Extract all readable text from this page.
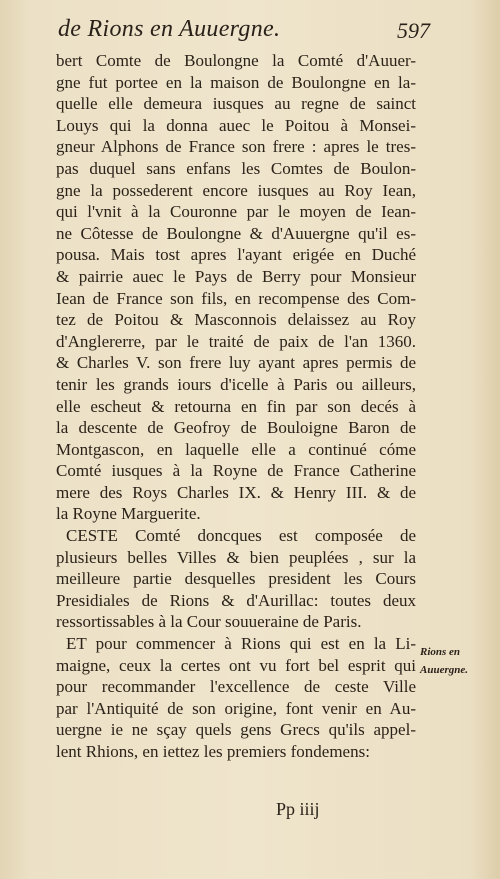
de Rions en Auuergne.	597
bert Comte de Boulongne la Comté d'Auuer-
gne fut portee en la maison de Boulongne en la-
quelle elle demeura iusques au regne de sainct
Louys qui la donna auec le Poitou à Monsei-
gneur Alphons de France son frere : apres le tres-
pas duquel sans enfans les Comtes de Boulon-
gne la possederent encore iusques au Roy Iean,
qui l'vnit à la Couronne par le moyen de Iean-
ne Côtesse de Boulongne & d'Auuergne qu'il es-
pousa. Mais tost apres l'ayant erigée en Duché
& pairrie auec le Pays de Berry pour Monsieur
Iean de France son fils, en recompense des Com-
tez de Poitou & Masconnois delaissez au Roy
d'Anglererre, par le traité de paix de l'an 1360.
& Charles V. son frere luy ayant apres permis de
tenir les grands iours d'icelle à Paris ou ailleurs,
elle escheut & retourna en fin par son decés à
la descente de Geofroy de Bouloigne Baron de
Montgascon, en laquelle elle a continué cóme
Comté iusques à la Royne de France Catherine
mere des Roys Charles IX. & Henry III. & de
la Royne Marguerite.
CESTE Comté doncques est composée de
plusieurs belles Villes & bien peuplées , sur la
meilleure partie desquelles president les Cours
Presidiales de Rions & d'Aurillac: toutes deux
ressortissables à la Cour souueraine de Paris.
ET pour commencer à Rions qui est en la Li-
maigne, ceux la certes ont vu fort bel esprit qui
pour recommander l'excellence de ceste Ville
par l'Antiquité de son origine, font venir en Au-
uergne ie ne sçay quels gens Grecs qu'ils appel-
lent Rhions, en iettez les premiers fondemens:
Rions en
Auuergne.
Pp iiij
